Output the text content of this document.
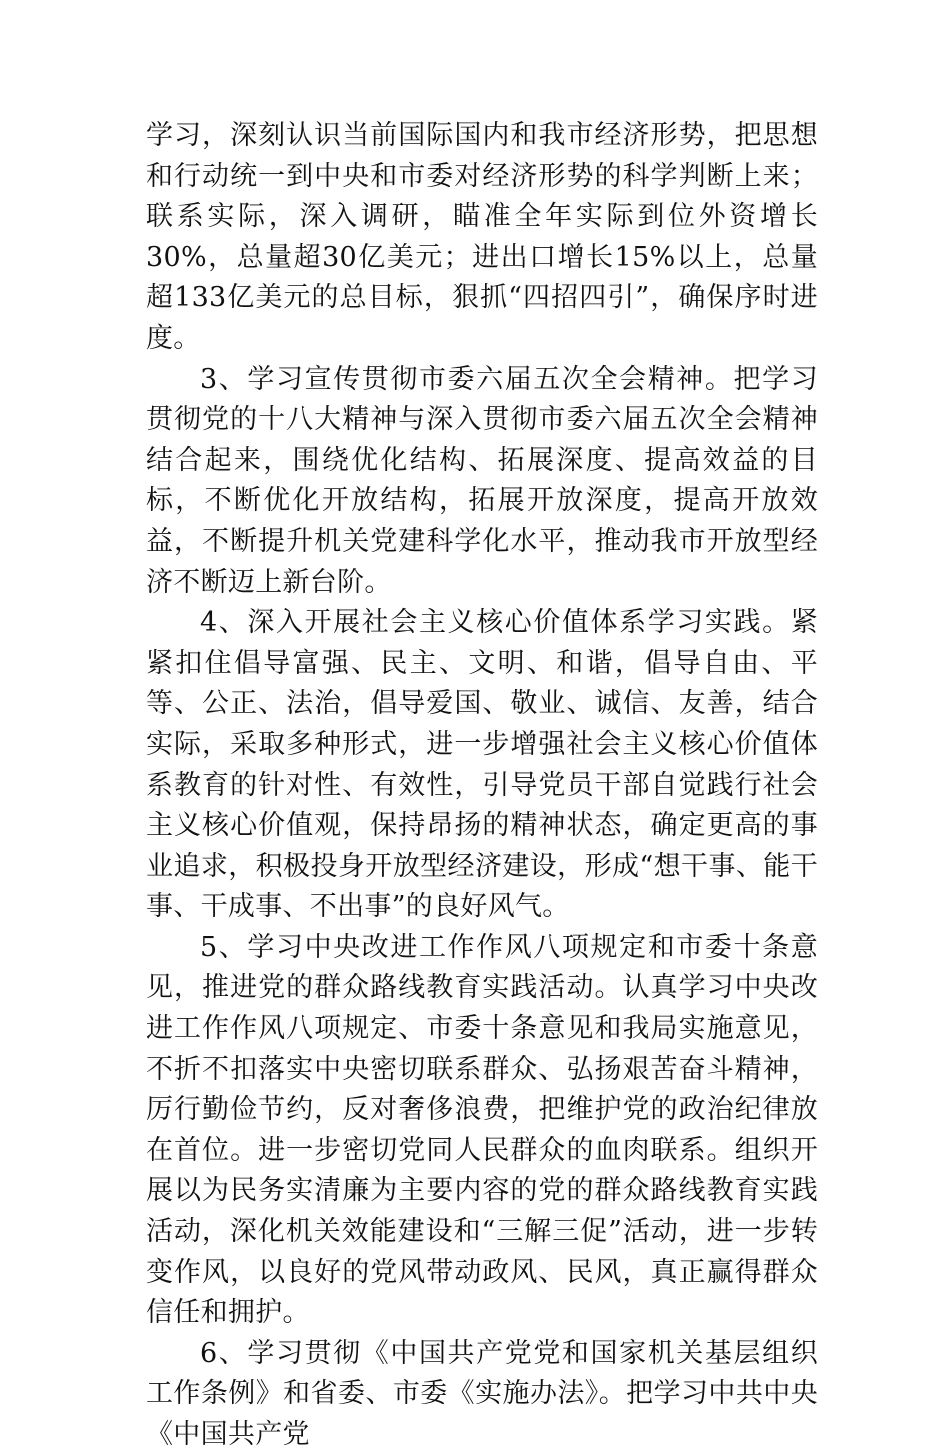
学习，深刻认识当前国际国内和我市经济形势，把思想和行动统一到中央和市委对经济形势的科学判断上来；联系实际，深入调研，瞄准全年实际到位外资增长30%，总量超30亿美元；进出口增长15%以上，总量超133亿美元的总目标，狠抓“四招四引”，确保序时进度。

3、学习宣传贯彻市委六届五次全会精神。把学习贯彻党的十八大精神与深入贯彻市委六届五次全会精神结合起来，围绕优化结构、拓展深度、提高效益的目标，不断优化开放结构，拓展开放深度，提高开放效益，不断提升机关党建科学化水平，推动我市开放型经济不断迈上新台阶。

4、深入开展社会主义核心价值体系学习实践。紧紧扣住倡导富强、民主、文明、和谐，倡导自由、平等、公正、法治，倡导爱国、敬业、诚信、友善，结合实际，采取多种形式，进一步增强社会主义核心价值体系教育的针对性、有效性，引导党员干部自觉践行社会主义核心价值观，保持昂扬的精神状态，确定更高的事业追求，积极投身开放型经济建设，形成“想干事、能干事、干成事、不出事”的良好风气。

5、学习中央改进工作作风八项规定和市委十条意见，推进党的群众路线教育实践活动。认真学习中央改进工作作风八项规定、市委十条意见和我局实施意见，不折不扣落实中央密切联系群众、弘扬艰苦奋斗精神，厉行勤俭节约，反对奢侈浪费，把维护党的政治纪律放在首位。进一步密切党同人民群众的血肉联系。组织开展以为民务实清廉为主要内容的党的群众路线教育实践活动，深化机关效能建设和“三解三促”活动，进一步转变作风，以良好的党风带动政风、民风，真正赢得群众信任和拥护。

6、学习贯彻《中国共产党党和国家机关基层组织工作条例》和省委、市委《实施办法》。把学习中共中央《中国共产党
